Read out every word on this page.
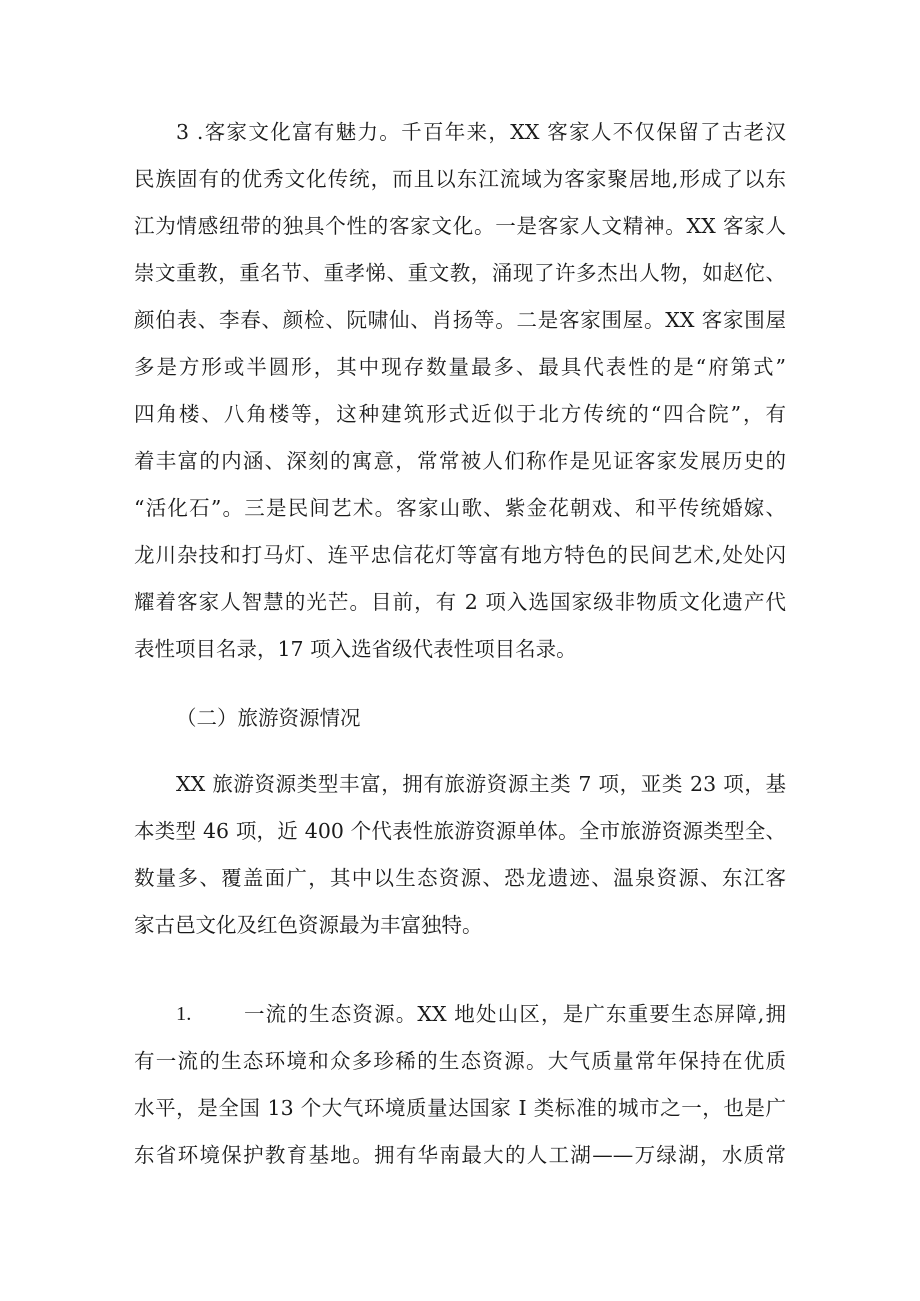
3 .客家文化富有魅力。千百年来，XX 客家人不仅保留了古老汉
民族固有的优秀文化传统，而且以东江流域为客家聚居地,形成了以东
江为情感纽带的独具个性的客家文化。一是客家人文精神。XX 客家人
崇文重教，重名节、重孝悌、重文教，涌现了许多杰出人物，如赵佗、
颜伯表、李春、颜检、阮啸仙、肖扬等。二是客家围屋。XX 客家围屋
多是方形或半圆形，其中现存数量最多、最具代表性的是“府第式”
四角楼、八角楼等，这种建筑形式近似于北方传统的“四合院”，有
着丰富的内涵、深刻的寓意，常常被人们称作是见证客家发展历史的
“活化石”。三是民间艺术。客家山歌、紫金花朝戏、和平传统婚嫁、
龙川杂技和打马灯、连平忠信花灯等富有地方特色的民间艺术,处处闪
耀着客家人智慧的光芒。目前，有 2 项入选国家级非物质文化遗产代
表性项目名录，17 项入选省级代表性项目名录。
（二）旅游资源情况
XX 旅游资源类型丰富，拥有旅游资源主类 7 项，亚类 23 项，基
本类型 46 项，近 400 个代表性旅游资源单体。全市旅游资源类型全、
数量多、覆盖面广，其中以生态资源、恐龙遗迹、温泉资源、东江客
家古邑文化及红色资源最为丰富独特。
1.	一流的生态资源。XX 地处山区，是广东重要生态屏障,拥
有一流的生态环境和众多珍稀的生态资源。大气质量常年保持在优质
水平，是全国 13 个大气环境质量达国家 I 类标准的城市之一，也是广
东省环境保护教育基地。拥有华南最大的人工湖——万绿湖，水质常
